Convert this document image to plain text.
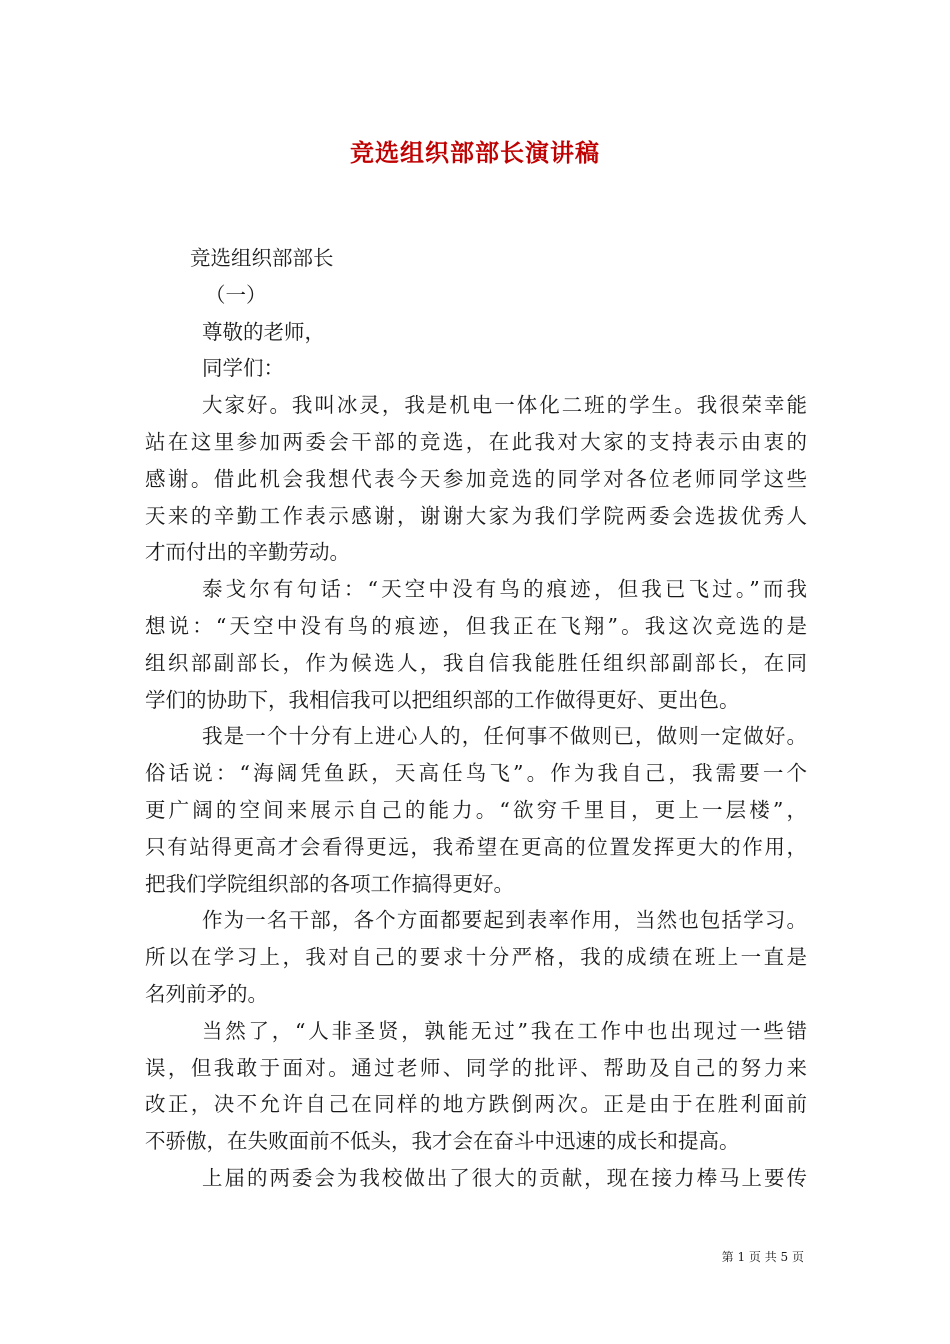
竞选组织部部长演讲稿
竞选组织部部长
（一）
尊敬的老师，
同学们：
大家好。我叫冰灵，我是机电一体化二班的学生。我很荣幸能
站在这里参加两委会干部的竞选，在此我对大家的支持表示由衷的
感谢。借此机会我想代表今天参加竞选的同学对各位老师同学这些
天来的辛勤工作表示感谢，谢谢大家为我们学院两委会选拔优秀人
才而付出的辛勤劳动。
泰戈尔有句话：“天空中没有鸟的痕迹，但我已飞过。”而我
想说：“天空中没有鸟的痕迹，但我正在飞翔”。我这次竞选的是
组织部副部长，作为候选人，我自信我能胜任组织部副部长，在同
学们的协助下，我相信我可以把组织部的工作做得更好、更出色。
我是一个十分有上进心人的，任何事不做则已，做则一定做好。
俗话说：“海阔凭鱼跃，天高任鸟飞”。作为我自己，我需要一个
更广阔的空间来展示自己的能力。“欲穷千里目，更上一层楼”，
只有站得更高才会看得更远，我希望在更高的位置发挥更大的作用，
把我们学院组织部的各项工作搞得更好。
作为一名干部，各个方面都要起到表率作用，当然也包括学习。
所以在学习上，我对自己的要求十分严格，我的成绩在班上一直是
名列前矛的。
当然了，“人非圣贤，孰能无过”我在工作中也出现过一些错
误，但我敢于面对。通过老师、同学的批评、帮助及自己的努力来
改正，决不允许自己在同样的地方跌倒两次。正是由于在胜利面前
不骄傲，在失败面前不低头，我才会在奋斗中迅速的成长和提高。
上届的两委会为我校做出了很大的贡献，现在接力棒马上要传
第 1 页 共 5 页
